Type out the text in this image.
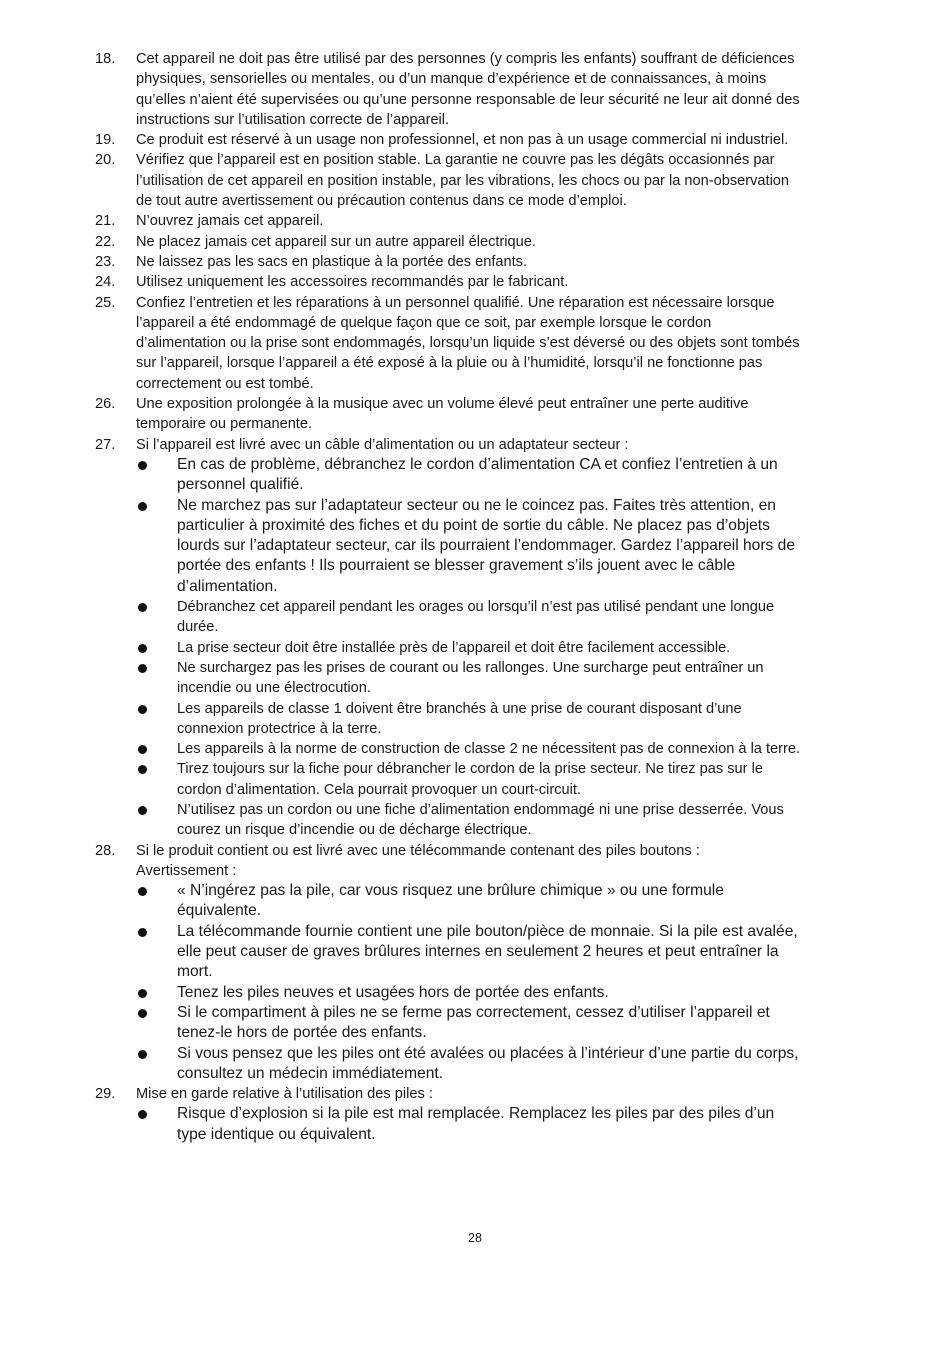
18.	Cet appareil ne doit pas être utilisé par des personnes (y compris les enfants) souffrant de déficiences physiques, sensorielles ou mentales, ou d’un manque d’expérience et de connaissances, à moins qu’elles n’aient été supervisées ou qu’une personne responsable de leur sécurité ne leur ait donné des instructions sur l’utilisation correcte de l’appareil.
19.	Ce produit est réservé à un usage non professionnel, et non pas à un usage commercial ni industriel.
20.	Vérifiez que l’appareil est en position stable. La garantie ne couvre pas les dégâts occasionnés par l’utilisation de cet appareil en position instable, par les vibrations, les chocs ou par la non-observation de tout autre avertissement ou précaution contenus dans ce mode d’emploi.
21.	N’ouvrez jamais cet appareil.
22.	Ne placez jamais cet appareil sur un autre appareil électrique.
23.	Ne laissez pas les sacs en plastique à la portée des enfants.
24.	Utilisez uniquement les accessoires recommandés par le fabricant.
25.	Confiez l’entretien et les réparations à un personnel qualifié. Une réparation est nécessaire lorsque l’appareil a été endommagé de quelque façon que ce soit, par exemple lorsque le cordon d’alimentation ou la prise sont endommagés, lorsqu’un liquide s’est déversé ou des objets sont tombés sur l’appareil, lorsque l’appareil a été exposé à la pluie ou à l’humidité, lorsqu’il ne fonctionne pas correctement ou est tombé.
26.	Une exposition prolongée à la musique avec un volume élevé peut entraîner une perte auditive temporaire ou permanente.
27.	Si l’appareil est livré avec un câble d’alimentation ou un adaptateur secteur :
En cas de problème, débranchez le cordon d’alimentation CA et confiez l’entretien à un personnel qualifié.
Ne marchez pas sur l’adaptateur secteur ou ne le coincez pas. Faites très attention, en particulier à proximité des fiches et du point de sortie du câble. Ne placez pas d’objets lourds sur l’adaptateur secteur, car ils pourraient l’endommager. Gardez l’appareil hors de portée des enfants ! Ils pourraient se blesser gravement s’ils jouent avec le câble d’alimentation.
Débranchez cet appareil pendant les orages ou lorsqu’il n’est pas utilisé pendant une longue durée.
La prise secteur doit être installée près de l’appareil et doit être facilement accessible.
Ne surchargez pas les prises de courant ou les rallonges. Une surcharge peut entraîner un incendie ou une électrocution.
Les appareils de classe 1 doivent être branchés à une prise de courant disposant d’une connexion protectrice à la terre.
Les appareils à la norme de construction de classe 2 ne nécessitent pas de connexion à la terre.
Tirez toujours sur la fiche pour débrancher le cordon de la prise secteur. Ne tirez pas sur le cordon d’alimentation. Cela pourrait provoquer un court-circuit.
N’utilisez pas un cordon ou une fiche d’alimentation endommagé ni une prise desserrée. Vous courez un risque d’incendie ou de décharge électrique.
28.	Si le produit contient ou est livré avec une télécommande contenant des piles boutons :
Avertissement :
« N’ingérez pas la pile, car vous risquez une brûlure chimique » ou une formule équivalente.
La télécommande fournie contient une pile bouton/pièce de monnaie. Si la pile est avalée, elle peut causer de graves brûlures internes en seulement 2 heures et peut entraîner la mort.
Tenez les piles neuves et usagées hors de portée des enfants.
Si le compartiment à piles ne se ferme pas correctement, cessez d’utiliser l’appareil et tenez-le hors de portée des enfants.
Si vous pensez que les piles ont été avalées ou placées à l’intérieur d’une partie du corps, consultez un médecin immédiatement.
29.	Mise en garde relative à l’utilisation des piles :
Risque d’explosion si la pile est mal remplacée. Remplacez les piles par des piles d’un type identique ou équivalent.
28
